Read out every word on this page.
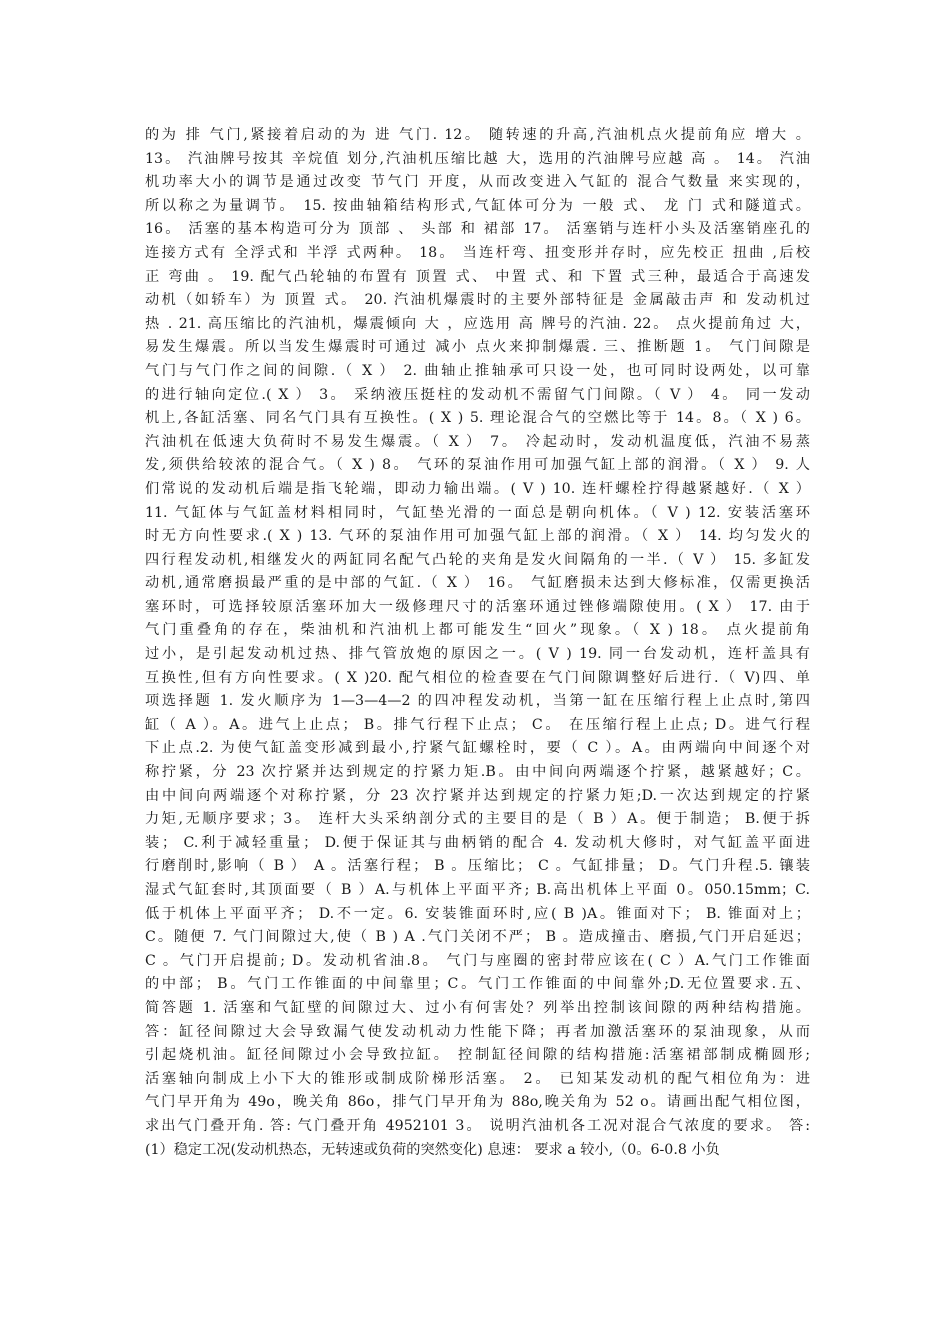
的为 排 气门,紧接着启动的为 进 气门. 12。 随转速的升高,汽油机点火提前角应 增大 。
13。 汽油牌号按其 辛烷值 划分,汽油机压缩比越 大，选用的汽油牌号应越 高 。 14。 汽油
机功率大小的调节是通过改变 节气门 开度，从而改变进入气缸的 混合气数量 来实现的，
所以称之为量调节。 15. 按曲轴箱结构形式,气缸体可分为 一般 式、 龙 门 式和隧道式。
16。 活塞的基本构造可分为 顶部 、 头部 和 裙部 17。 活塞销与连杆小头及活塞销座孔的
连接方式有 全浮式和 半浮 式两种。 18。 当连杆弯、扭变形并存时，应先校正 扭曲 ,后校
正 弯曲 。 19. 配气凸轮轴的布置有 顶置 式、 中置 式、和 下置 式三种，最适合于高速发
动机（如轿车）为 顶置 式。 20. 汽油机爆震时的主要外部特征是 金属敲击声 和 发动机过
热 . 21. 高压缩比的汽油机，爆震倾向 大 ，应选用 高 牌号的汽油. 22。 点火提前角过 大，
易发生爆震。所以当发生爆震时可通过 减小 点火来抑制爆震. 三、推断题 1。 气门间隙是
气门与气门作之间的间隙.（ X ） 2. 曲轴止推轴承可只设一处，也可同时设两处，以可靠
的进行轴向定位.( X ） 3。 采纳液压挺柱的发动机不需留气门间隙。（ V ） 4。 同一发动
机上,各缸活塞、同名气门具有互换性。( X ) 5. 理论混合气的空燃比等于 14。8。（ X ) 6。
汽油机在低速大负荷时不易发生爆震。（ X ） 7。 冷起动时，发动机温度低，汽油不易蒸
发,须供给较浓的混合气。（ X ) 8。 气环的泵油作用可加强气缸上部的润滑。（ X ） 9. 人
们常说的发动机后端是指飞轮端，即动力输出端。( V ) 10. 连杆螺栓拧得越紧越好.（ X ）
11. 气缸体与气缸盖材料相同时，气缸垫光滑的一面总是朝向机体。（ V ) 12. 安装活塞环
时无方向性要求.( X ) 13. 气环的泵油作用可加强气缸上部的润滑。（ X ） 14. 均匀发火的
四行程发动机,相继发火的两缸同名配气凸轮的夹角是发火间隔角的一半.（ V ） 15. 多缸发
动机,通常磨损最严重的是中部的气缸.（ X ） 16。 气缸磨损未达到大修标准，仅需更换活
塞环时，可选择较原活塞环加大一级修理尺寸的活塞环通过锉修端隙使用。( X ） 17. 由于
气门重叠角的存在，柴油机和汽油机上都可能发生“回火”现象。（ X ) 18。 点火提前角
过小，是引起发动机过热、排气管放炮的原因之一。( V ) 19. 同一台发动机，连杆盖具有
互换性,但有方向性要求。( X )20. 配气相位的检查要在气门间隙调整好后进行.（ V)四、单
项选择题 1. 发火顺序为 1—3—4—2 的四冲程发动机，当第一缸在压缩行程上止点时,第四
缸（ A ）。A。进气上止点； B。排气行程下止点； C。 在压缩行程上止点; D。进气行程
下止点.2. 为使气缸盖变形减到最小,拧紧气缸螺栓时，要（ C ）。A。由两端向中间逐个对
称拧紧，分 23 次拧紧并达到规定的拧紧力矩.B。由中间向两端逐个拧紧，越紧越好；C。
由中间向两端逐个对称拧紧，分 23 次拧紧并达到规定的拧紧力矩;D.一次达到规定的拧紧
力矩,无顺序要求；3。 连杆大头采纳剖分式的主要目的是（ B ）A。便于制造； B.便于拆
装； C.利于减轻重量； D.便于保证其与曲柄销的配合 4. 发动机大修时，对气缸盖平面进
行磨削时,影响（ B ） A 。活塞行程； B 。压缩比； C 。气缸排量； D。气门升程.5. 镶装
湿式气缸套时,其顶面要（ B ）A.与机体上平面平齐; B.高出机体上平面 0。050.15mm；C.
低于机体上平面平齐； D.不一定。6. 安装锥面环时,应( B )A。锥面对下； B. 锥面对上；
C。随便 7. 气门间隙过大,使（ B ) A .气门关闭不严； B 。造成撞击、磨损,气门开启延迟；
C 。气门开启提前; D。发动机省油.8。 气门与座圈的密封带应该在( C ）A.气门工作锥面
的中部； B。气门工作锥面的中间靠里；C。气门工作锥面的中间靠外;D.无位置要求.五、
简答题 1. 活塞和气缸壁的间隙过大、过小有何害处？列举出控制该间隙的两种结构措施。
答：缸径间隙过大会导致漏气使发动机动力性能下降；再者加激活塞环的泵油现象，从而
引起烧机油。缸径间隙过小会导致拉缸。 控制缸径间隙的结构措施:活塞裙部制成椭圆形;
活塞轴向制成上小下大的锥形或制成阶梯形活塞。 2。 已知某发动机的配气相位角为：进
气门早开角为 49o，晚关角 86o，排气门早开角为 88o,晚关角为 52 o。请画出配气相位图，
求出气门叠开角. 答: 气门叠开角 4952101 3。 说明汽油机各工况对混合气浓度的要求。 答:
(1）稳定工况(发动机热态，无转速或负荷的突然变化) 息速： 要求 a 较小,（0。6-0.8 小负
